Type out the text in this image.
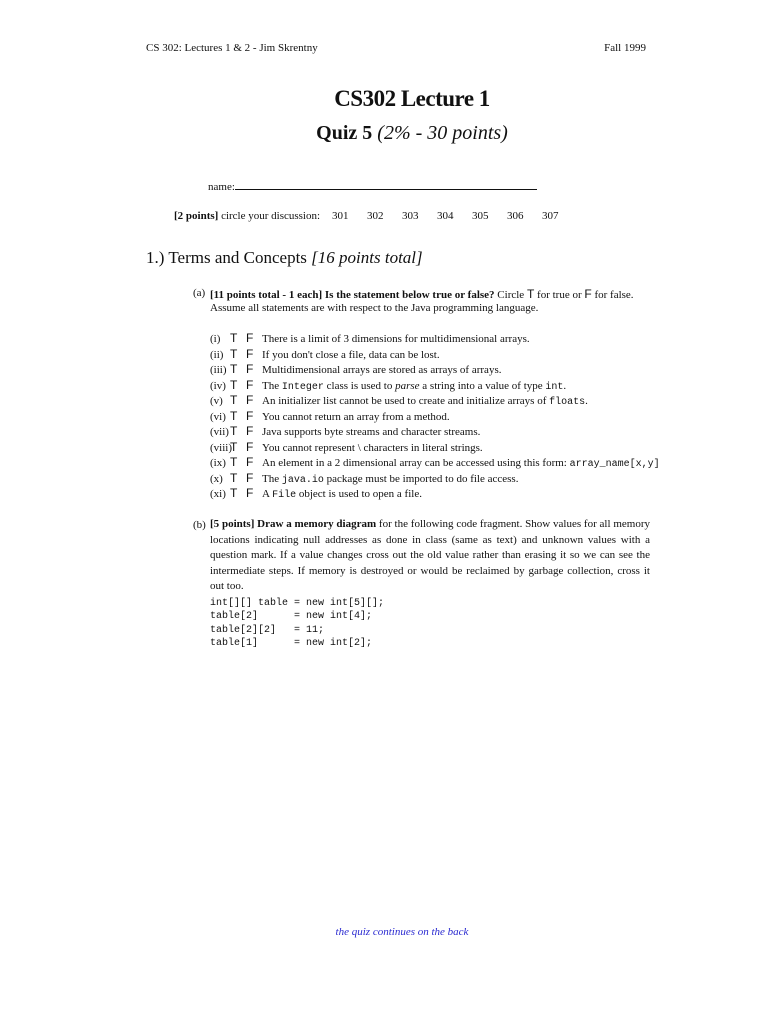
CS 302: Lectures 1 & 2 - Jim Skrentny	Fall 1999
CS302 Lecture 1
Quiz 5 (2% - 30 points)
name:
[2 points] circle your discussion: 301 302 303 304 305 306 307
1.) Terms and Concepts [16 points total]
(a) [11 points total - 1 each] Is the statement below true or false? Circle T for true or F for false.
Assume all statements are with respect to the Java programming language.
(i) T F There is a limit of 3 dimensions for multidimensional arrays.
(ii) T F If you don't close a file, data can be lost.
(iii) T F Multidimensional arrays are stored as arrays of arrays.
(iv) T F The Integer class is used to parse a string into a value of type int.
(v) T F An initializer list cannot be used to create and initialize arrays of floats.
(vi) T F You cannot return an array from a method.
(vii) T F Java supports byte streams and character streams.
(viii)
T F You cannot represent \ characters in literal strings.
(ix) T F An element in a 2 dimensional array can be accessed using this form: array_name[x,y]
(x) T F The java.io package must be imported to do file access.
(xi) T F A File object is used to open a file.
(b) [5 points] Draw a memory diagram for the following code fragment. Show values for all memory locations indicating null addresses as done in class (same as text) and unknown values with a question mark. If a value changes cross out the old value rather than erasing it so we can see the intermediate steps. If memory is destroyed or would be reclaimed by garbage collection, cross it out too.
int[][] table = new int[5][];
table[2]      = new int[4];
table[2][2]   = 11;
table[1]      = new int[2];
the quiz continues on the back
